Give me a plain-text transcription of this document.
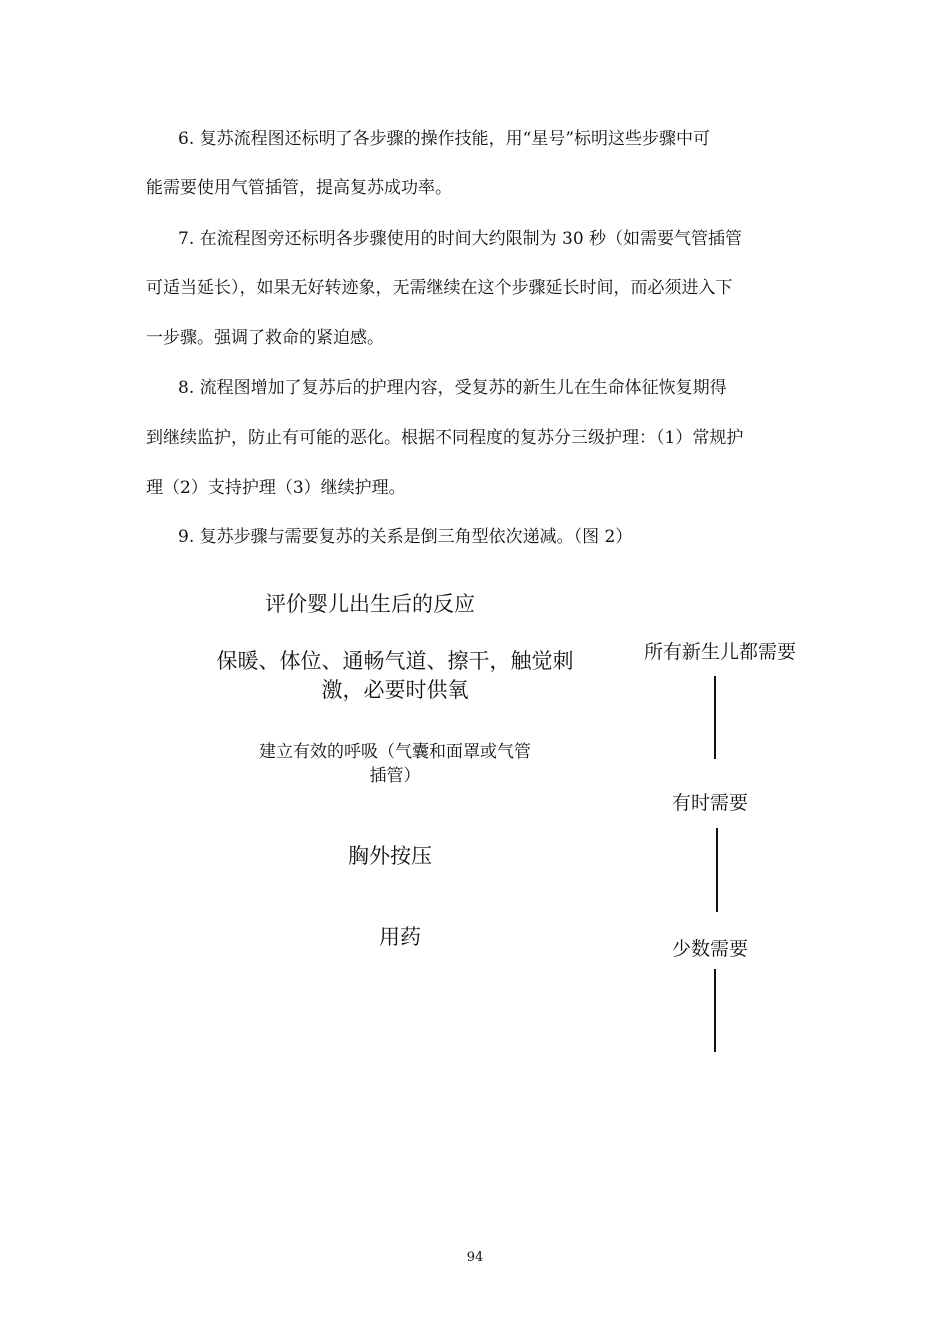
6. 复苏流程图还标明了各步骤的操作技能，用“星号”标明这些步骤中可
能需要使用气管插管，提高复苏成功率。
7. 在流程图旁还标明各步骤使用的时间大约限制为 30 秒（如需要气管插管
可适当延长），如果无好转迹象，无需继续在这个步骤延长时间，而必须进入下
一步骤。强调了救命的紧迫感。
8. 流程图增加了复苏后的护理内容，受复苏的新生儿在生命体征恢复期得
到继续监护，防止有可能的恶化。根据不同程度的复苏分三级护理：（1）常规护
理（2）支持护理（3）继续护理。
9. 复苏步骤与需要复苏的关系是倒三角型依次递减。（图 2）
评价婴儿出生后的反应
保暖、体位、通畅气道、擦干，触觉刺
激，必要时供氧
建立有效的呼吸（气囊和面罩或气管
插管）
胸外按压
用药
所有新生儿都需要
有时需要
少数需要
94
